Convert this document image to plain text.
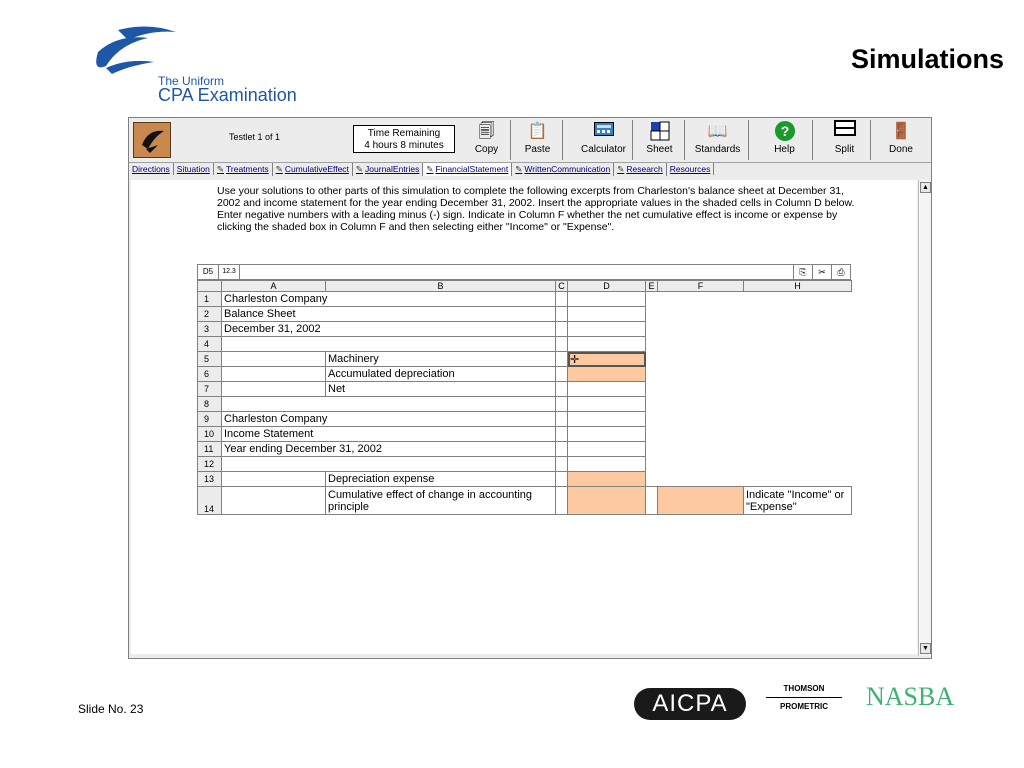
The Uniform
CPA Examination
Simulations
Testlet 1 of 1	Time Remaining
4 hours 8 minutes
🗐
Copy
📋
Paste	Calculator	Sheet
📖
Standards
?
Help	Split
🚪
Done
Directions Situation ✎ Treatments ✎ CumulativeEffect ✎ JournalEntries ✎ FinancialStatement ✎ WrittenCommunication ✎ Research Resources
Use your solutions to other parts of this simulation to complete the following excerpts from Charleston's balance sheet at December 31, 2002 and income statement for the year ending December 31, 2002. Insert the appropriate values in the shaded cells in Column D below. Enter negative numbers with a leading minus (-) sign. Indicate in Column F whether the net cumulative effect is income or expense by clicking the shaded box in Column F and then selecting either "Income" or "Expense".
D5	12.3	⎘	✂	⎙
	A	B	C	D	E	F	H
1	Charleston Company						
2	Balance Sheet						
3	December 31, 2002						
4							
5		Machinery		✛			
6		Accumulated depreciation					
7		Net					
8							
9	Charleston Company						
10	Income Statement						
11	Year ending December 31, 2002						
12							
13		Depreciation expense					
14		Cumulative effect of change in accounting principle					Indicate "Income" or "Expense"
▲
▼
Slide No. 23	AICPA
THOMSON
PROMETRIC	NASBA
